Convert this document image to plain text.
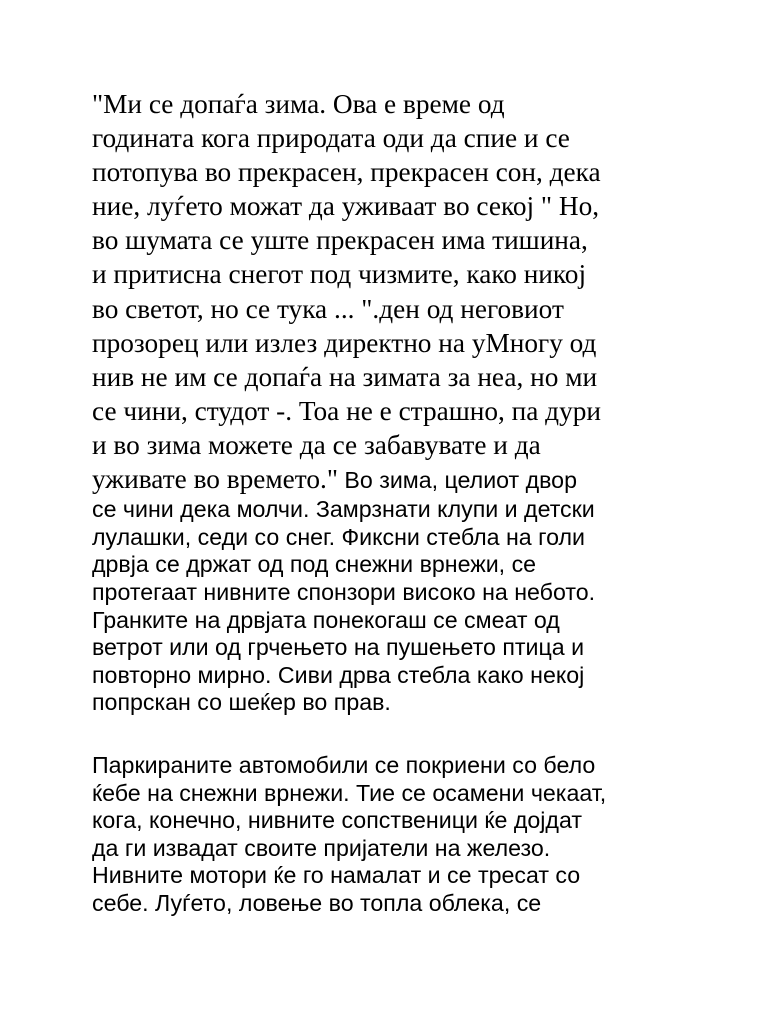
"Ми се допаѓа зима. Ова е време од
годината кога природата оди да спие и се
потопува во прекрасен, прекрасен сон, дека
ние, луѓето можат да уживаат во секој " Но,
во шумата се уште прекрасен има тишина,
и притисна снегот под чизмите, како никој
во светот, но се тука ... ".ден од неговиот
прозорец или излез директно на уМногу од
нив не им се допаѓа на зимата за неа, но ми
се чини, студот -. Тоа не е страшно, па дури
и во зима можете да се забавувате и да
уживате во времето." Во зима, целиот двор
се чини дека молчи. Замрзнати клупи и детски
лулашки, седи со снег. Фиксни стебла на голи
дрвја се држат од под снежни врнежи, се
протегаат нивните спонзори високо на небото.
Гранките на дрвјата понекогаш се смеат од
ветрот или од грчењето на пушењето птица и
повторно мирно. Сиви дрва стебла како некој
попрскан со шеќер во прав.
Паркираните автомобили се покриени со бело
ќебе на снежни врнежи. Тие се осамени чекаат,
кога, конечно, нивните сопственици ќе дојдат
да ги извадат своите пријатели на железо.
Нивните мотори ќе го намалат и се тресат со
себе. Луѓето, ловење во топла облека, се
